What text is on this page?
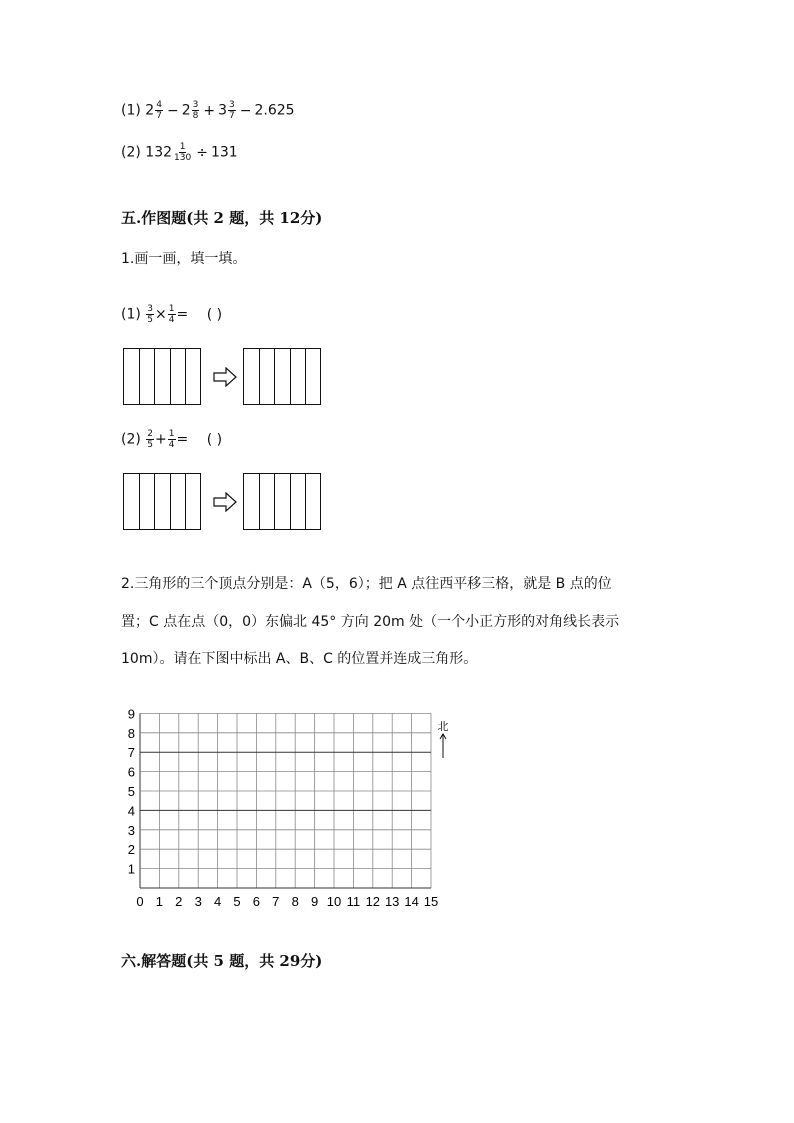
(1) $2 \frac{4}{7} - 2 \frac{3}{8} + 3 \frac{3}{7} - 2.625$
(2) $132 \frac{1}{130} \div 131$
五.作图题(共 2 题，共 12分)
1.画一画，填一填。
$(1) \frac{3}{5} \times \frac{1}{4}$ = ( )
$(2) \frac{2}{5} + \frac{1}{4}$ = ( )
2.三角形的三个顶点分别是：A（5，6）；把 A 点往西平移三格，就是 B 点的位
置；C 点在点（0，0）东偏北 45° 方向 20m 处（一个小正方形的对角线长表示
10m）。请在下图中标出 A、B、C 的位置并连成三角形。
0 1 2 3 4 5 6 7 8 9 10 11 12 13 14 15
1
2
3
4
5
6
7
8
9
北
六.解答题(共 5 题，共 29分)
